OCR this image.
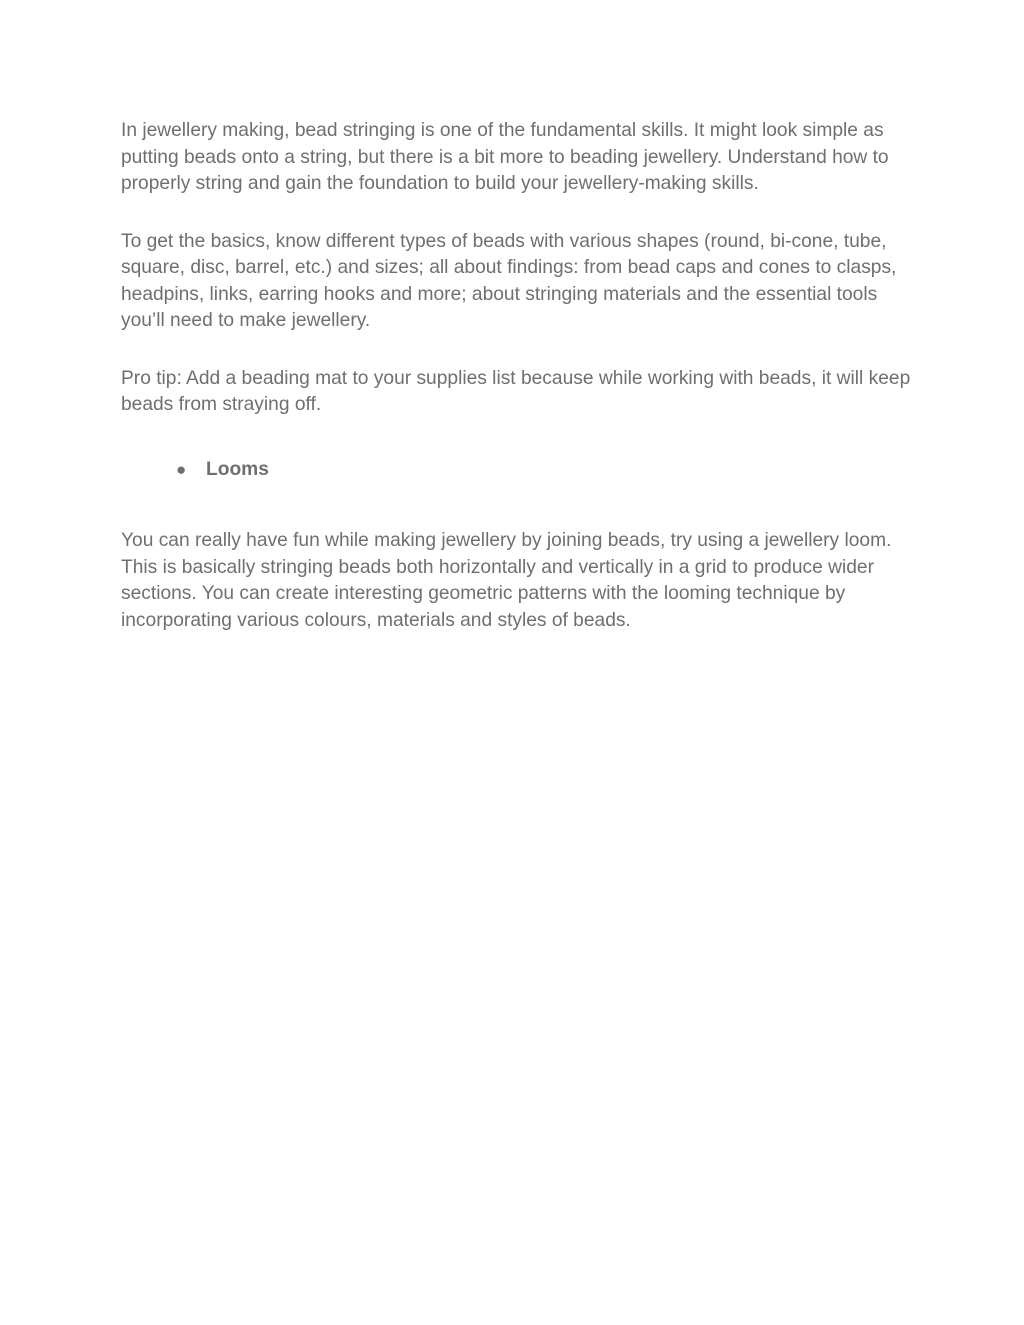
In jewellery making, bead stringing is one of the fundamental skills. It might look simple as putting beads onto a string, but there is a bit more to beading jewellery. Understand how to properly string and gain the foundation to build your jewellery-making skills.

To get the basics, know different types of beads with various shapes (round, bi-cone, tube, square, disc, barrel, etc.) and sizes; all about findings: from bead caps and cones to clasps, headpins, links, earring hooks and more; about stringing materials and the essential tools you’ll need to make jewellery.

Pro tip: Add a beading mat to your supplies list because while working with beads, it will keep beads from straying off.

● Looms

You can really have fun while making jewellery by joining beads, try using a jewellery loom. This is basically stringing beads both horizontally and vertically in a grid to produce wider sections. You can create interesting geometric patterns with the looming technique by incorporating various colours, materials and styles of beads.
